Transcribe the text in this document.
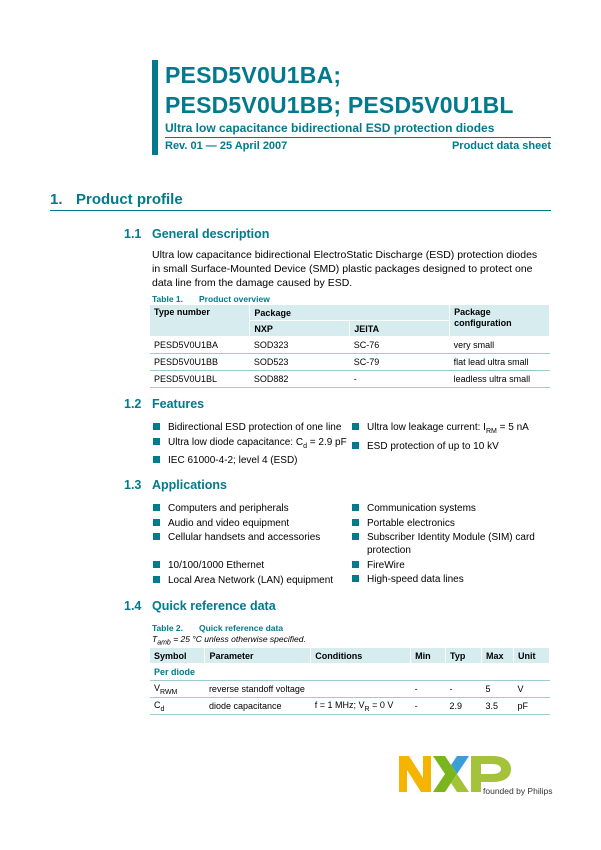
PESD5V0U1BA;
PESD5V0U1BB; PESD5V0U1BL
Ultra low capacitance bidirectional ESD protection diodes
Rev. 01 — 25 April 2007	Product data sheet
1. Product profile
1.1 General description
Ultra low capacitance bidirectional ElectroStatic Discharge (ESD) protection diodes in small Surface-Mounted Device (SMD) plastic packages designed to protect one data line from the damage caused by ESD.
Table 1. Product overview
Type number	Package		Package configuration
	NXP	JEITA	
PESD5V0U1BA	SOD323	SC-76	very small
PESD5V0U1BB	SOD523	SC-79	flat lead ultra small
PESD5V0U1BL	SOD882	-	leadless ultra small
1.2 Features
Bidirectional ESD protection of one line
Ultra low diode capacitance: $C_d = 2.9$ pF
IEC 61000-4-2; level 4 (ESD)
Ultra low leakage current: $I_{RM} = 5$ nA
ESD protection of up to 10 kV
1.3 Applications
Computers and peripherals
Audio and video equipment
Cellular handsets and accessories
10/100/1000 Ethernet
Local Area Network (LAN) equipment
Communication systems
Portable electronics
Subscriber Identity Module (SIM) card protection
FireWire
High-speed data lines
1.4 Quick reference data
Table 2. Quick reference data
$T_{amb} = 25$ °C unless otherwise specified.
Symbol	Parameter	Conditions	Min	Typ	Max	Unit
Per diode						
$V_{RWM}$	reverse standoff voltage		-	-	5	V
$C_d$	diode capacitance	f = 1 MHz; $V_R = 0$ V	-	2.9	3.5	pF
founded by Philips
